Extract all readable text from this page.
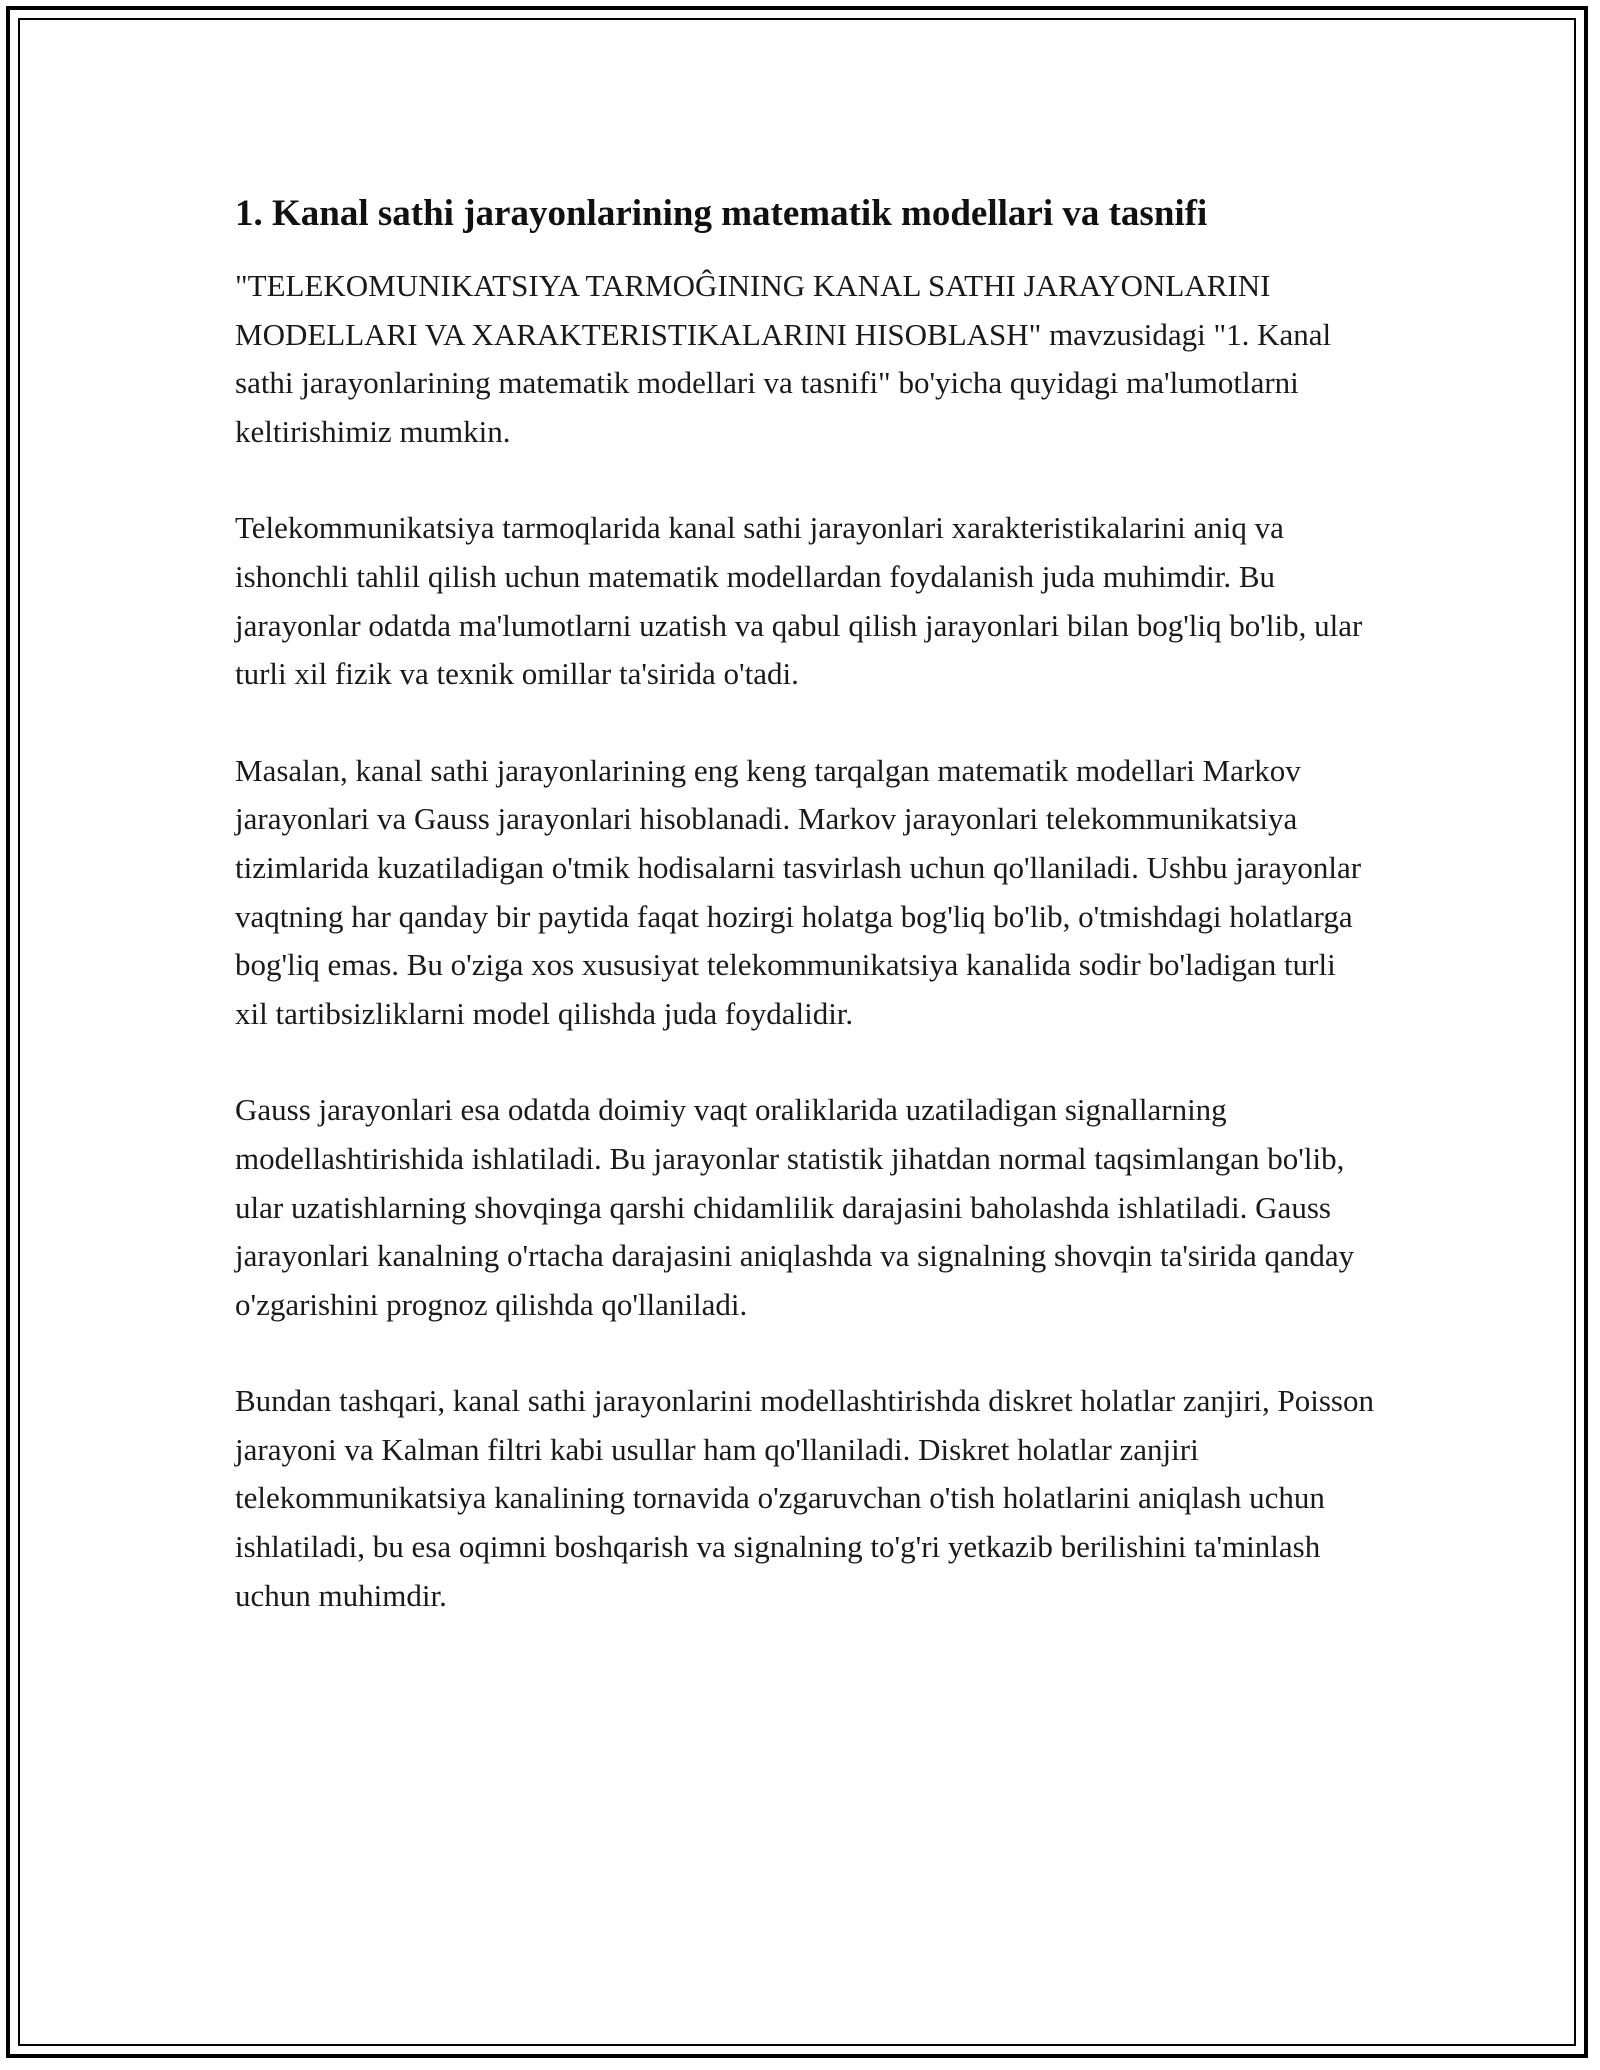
1. Kanal sathi jarayonlarining matematik modellari va tasnifi

"TELEKOMUNIKATSIYA TARMOĜINING KANAL SATHI JARAYONLARINI MODELLARI VA XARAKTERISTIKALARINI HISOBLASH" mavzusidagi "1. Kanal sathi jarayonlarining matematik modellari va tasnifi" bo'yicha quyidagi ma'lumotlarni keltirishimiz mumkin.

Telekommunikatsiya tarmoqlarida kanal sathi jarayonlari xarakteristikalarini aniq va ishonchli tahlil qilish uchun matematik modellardan foydalanish juda muhimdir. Bu jarayonlar odatda ma'lumotlarni uzatish va qabul qilish jarayonlari bilan bog'liq bo'lib, ular turli xil fizik va texnik omillar ta'sirida o'tadi.

Masalan, kanal sathi jarayonlarining eng keng tarqalgan matematik modellari Markov jarayonlari va Gauss jarayonlari hisoblanadi. Markov jarayonlari telekommunikatsiya tizimlarida kuzatiladigan o'tmik hodisalarni tasvirlash uchun qo'llaniladi. Ushbu jarayonlar vaqtning har qanday bir paytida faqat hozirgi holatga bog'liq bo'lib, o'tmishdagi holatlarga bog'liq emas. Bu o'ziga xos xususiyat telekommunikatsiya kanalida sodir bo'ladigan turli xil tartibsizliklarni model qilishda juda foydalidir.

Gauss jarayonlari esa odatda doimiy vaqt oraliklarida uzatiladigan signallarning modellashtirishida ishlatiladi. Bu jarayonlar statistik jihatdan normal taqsimlangan bo'lib, ular uzatishlarning shovqinga qarshi chidamlilik darajasini baholashda ishlatiladi. Gauss jarayonlari kanalning o'rtacha darajasini aniqlashda va signalning shovqin ta'sirida qanday o'zgarishini prognoz qilishda qo'llaniladi.

Bundan tashqari, kanal sathi jarayonlarini modellashtirishda diskret holatlar zanjiri, Poisson jarayoni va Kalman filtri kabi usullar ham qo'llaniladi. Diskret holatlar zanjiri telekommunikatsiya kanalining tornavida o'zgaruvchan o'tish holatlarini aniqlash uchun ishlatiladi, bu esa oqimni boshqarish va signalning to'g'ri yetkazib berilishini ta'minlash uchun muhimdir.
